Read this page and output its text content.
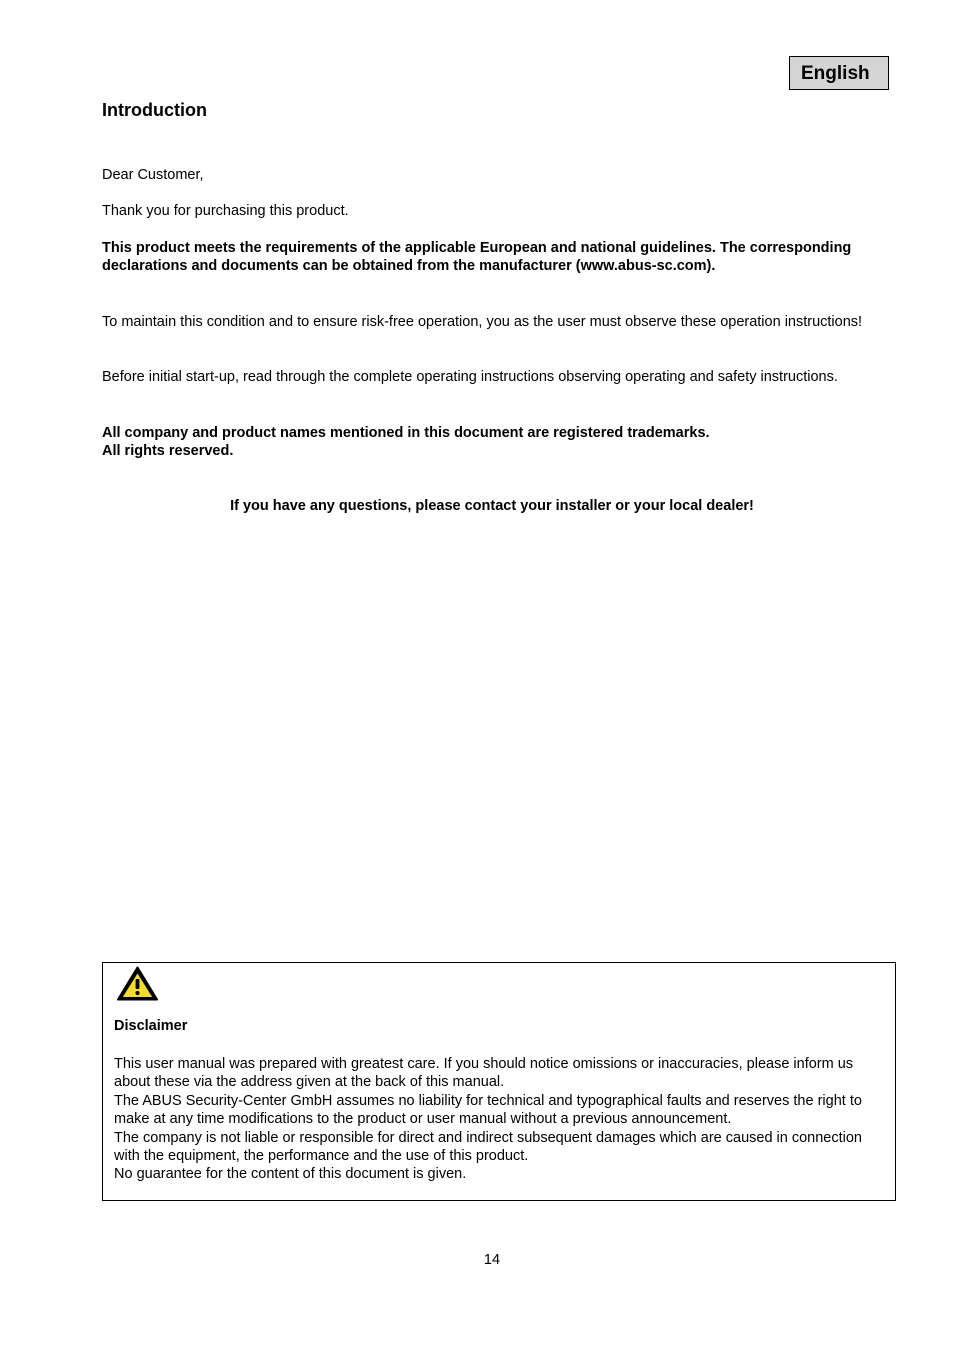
English
Introduction

Dear Customer,

Thank you for purchasing this product.

This product meets the requirements of the applicable European and national guidelines. The corresponding declarations and documents can be obtained from the manufacturer (www.abus-sc.com).

To maintain this condition and to ensure risk-free operation, you as the user must observe these operation instructions!

Before initial start-up, read through the complete operating instructions observing operating and safety instructions.

All company and product names mentioned in this document are registered trademarks.
All rights reserved.

If you have any questions, please contact your installer or your local dealer!

Disclaimer
This user manual was prepared with greatest care. If you should notice omissions or inaccuracies, please inform us about these via the address given at the back of this manual.
The ABUS Security-Center GmbH assumes no liability for technical and typographical faults and reserves the right to make at any time modifications to the product or user manual without a previous announcement.
The company is not liable or responsible for direct and indirect subsequent damages which are caused in connection with the equipment, the performance and the use of this product.
No guarantee for the content of this document is given.
14
